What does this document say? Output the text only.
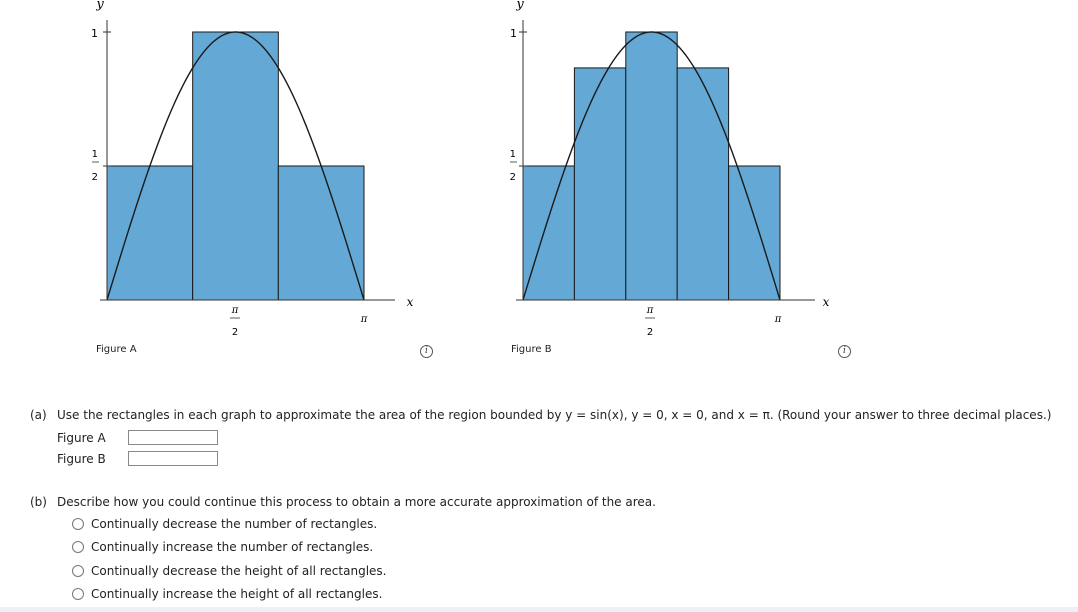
y
1
1
2
π
2
π
x
Figure A	i
y
1
1
2
π
2
π
x
Figure B	i
(a) Use the rectangles in each graph to approximate the area of the region bounded by y = sin(x), y = 0, x = 0, and x = π. (Round your answer to three decimal places.)
Figure A
Figure B
(b) Describe how you could continue this process to obtain a more accurate approximation of the area.
Continually decrease the number of rectangles.
Continually increase the number of rectangles.
Continually decrease the height of all rectangles.
Continually increase the height of all rectangles.
